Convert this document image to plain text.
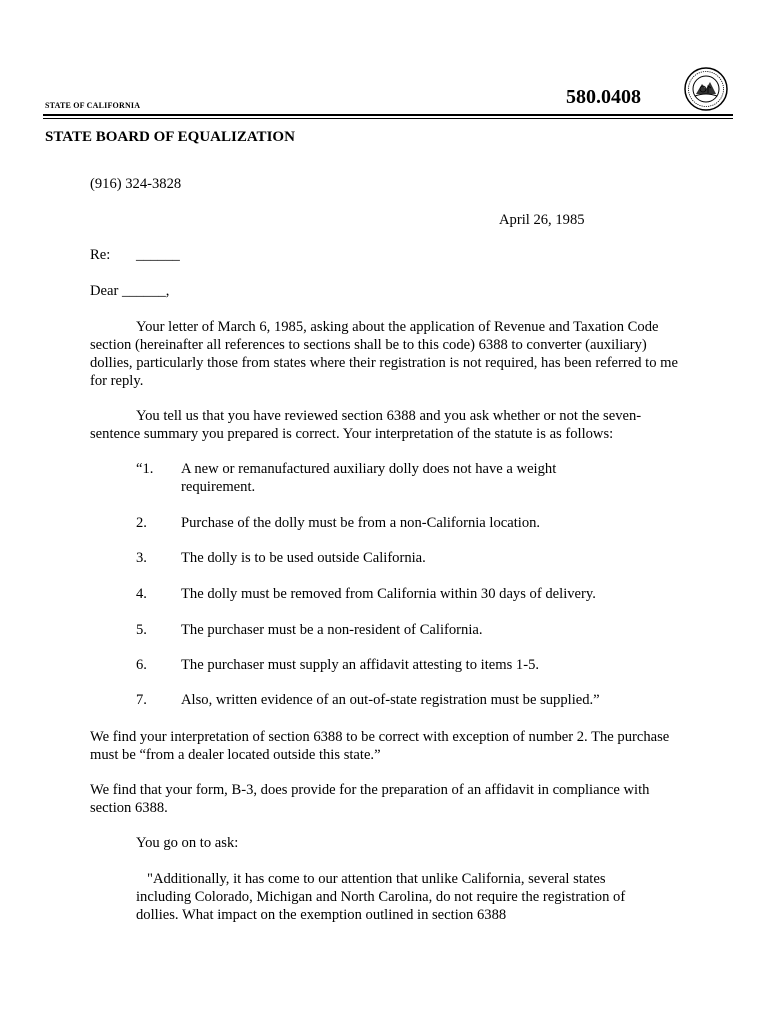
580.0408
STATE OF CALIFORNIA
STATE BOARD OF EQUALIZATION
(916) 324-3828
April 26, 1985
Re: ______
Dear ______,
Your letter of March 6, 1985, asking about the application of Revenue and Taxation Code section (hereinafter all references to sections shall be to this code) 6388 to converter (auxiliary) dollies, particularly those from states where their registration is not required, has been referred to me for reply.
You tell us that you have reviewed section 6388 and you ask whether or not the seven-sentence summary you prepared is correct. Your interpretation of the statute is as follows:
“1. A new or remanufactured auxiliary dolly does not have a weight requirement.
2. Purchase of the dolly must be from a non-California location.
3. The dolly is to be used outside California.
4. The dolly must be removed from California within 30 days of delivery.
5. The purchaser must be a non-resident of California.
6. The purchaser must supply an affidavit attesting to items 1-5.
7. Also, written evidence of an out-of-state registration must be supplied.”
We find your interpretation of section 6388 to be correct with exception of number 2. The purchase must be “from a dealer located outside this state.”
We find that your form, B-3, does provide for the preparation of an affidavit in compliance with section 6388.
You go on to ask:
"Additionally, it has come to our attention that unlike California, several states including Colorado, Michigan and North Carolina, do not require the registration of dollies. What impact on the exemption outlined in section 6388
